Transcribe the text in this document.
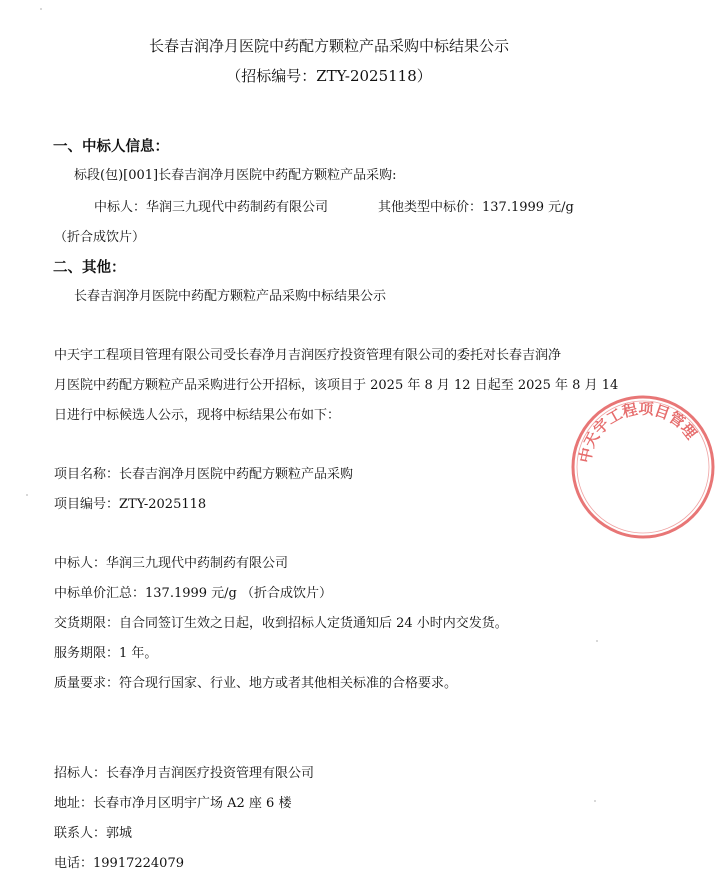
长春吉润净月医院中药配方颗粒产品采购中标结果公示
（招标编号：ZTY-2025118）
一、中标人信息：
标段(包)[001]长春吉润净月医院中药配方颗粒产品采购:
中标人：华润三九现代中药制药有限公司	其他类型中标价：137.1999 元/g
（折合成饮片）
二、其他：
长春吉润净月医院中药配方颗粒产品采购中标结果公示
中天宇工程项目管理有限公司受长春净月吉润医疗投资管理有限公司的委托对长春吉润净
月医院中药配方颗粒产品采购进行公开招标，该项目于 2025 年 8 月 12 日起至 2025 年 8 月 14
日进行中标候选人公示，现将中标结果公布如下：
项目名称：长春吉润净月医院中药配方颗粒产品采购
项目编号：ZTY-2025118
中标人：华润三九现代中药制药有限公司
中标单价汇总：137.1999 元/g （折合成饮片）
交货期限：自合同签订生效之日起，收到招标人定货通知后 24 小时内交发货。
服务期限：1 年。
质量要求：符合现行国家、行业、地方或者其他相关标准的合格要求。
招标人：长春净月吉润医疗投资管理有限公司
地址：长春市净月区明宇广场 A2 座 6 楼
联系人：郭城
电话：19917224079
中天宇工程项目管理
